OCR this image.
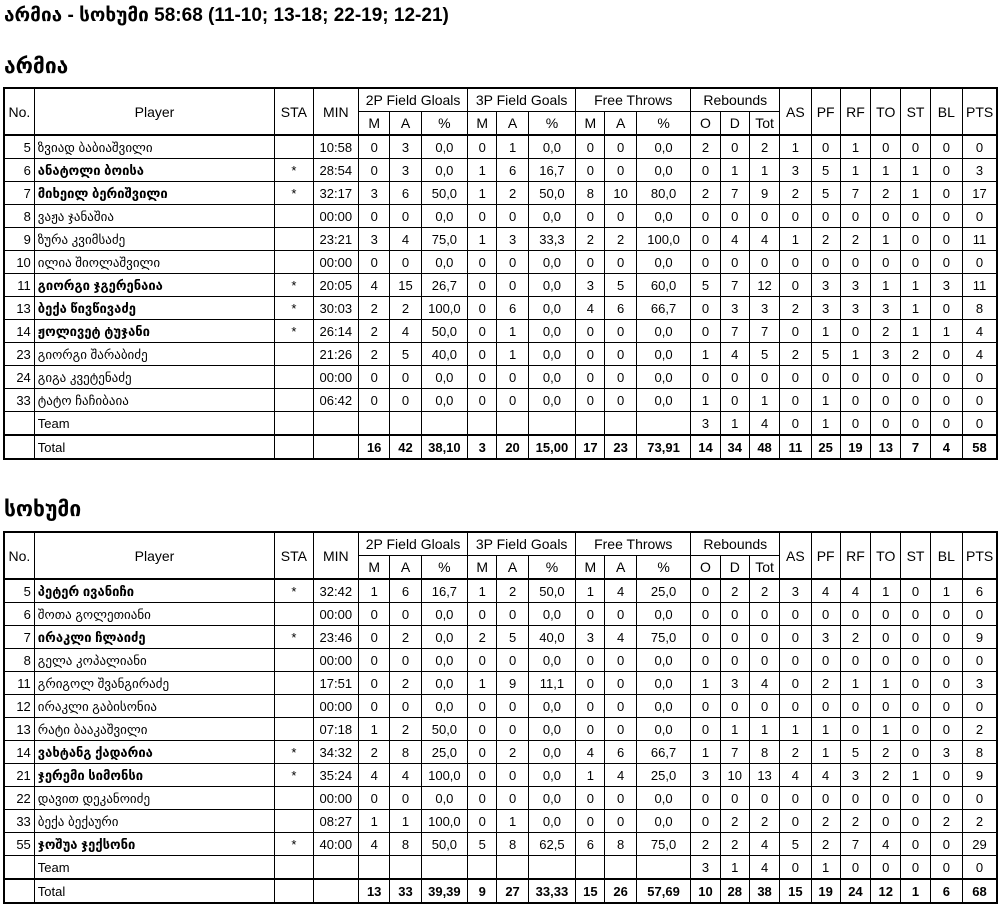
არმია - სოხუმი 58:68 (11-10; 13-18; 22-19; 12-21)
არმია
No.	Player	STA	MIN	2P Field Gloals			3P Field Goals			Free Throws			Rebounds			AS	PF	RF	TO	ST	BL	PTS
				M	A	%	M	A	%	M	A	%	O	D	Tot							
5	ზვიად ბაბიაშვილი		10:58	0	3	0,0	0	1	0,0	0	0	0,0	2	0	2	1	0	1	0	0	0	0
6	ანატოლი ბოისა	*	28:54	0	3	0,0	1	6	16,7	0	0	0,0	0	1	1	3	5	1	1	1	0	3
7	მიხეილ ბერიშვილი	*	32:17	3	6	50,0	1	2	50,0	8	10	80,0	2	7	9	2	5	7	2	1	0	17
8	ვაჟა ჯანაშია		00:00	0	0	0,0	0	0	0,0	0	0	0,0	0	0	0	0	0	0	0	0	0	0
9	ზურა კვიმსაძე		23:21	3	4	75,0	1	3	33,3	2	2	100,0	0	4	4	1	2	2	1	0	0	11
10	ილია შიოლაშვილი		00:00	0	0	0,0	0	0	0,0	0	0	0,0	0	0	0	0	0	0	0	0	0	0
11	გიორგი ჯგერენაია	*	20:05	4	15	26,7	0	0	0,0	3	5	60,0	5	7	12	0	3	3	1	1	3	11
13	ბექა წივწივაძე	*	30:03	2	2	100,0	0	6	0,0	4	6	66,7	0	3	3	2	3	3	3	1	0	8
14	ჟოლივეტ ტუჯანი	*	26:14	2	4	50,0	0	1	0,0	0	0	0,0	0	7	7	0	1	0	2	1	1	4
23	გიორგი შარაბიძე		21:26	2	5	40,0	0	1	0,0	0	0	0,0	1	4	5	2	5	1	3	2	0	4
24	გიგა კვეტენაძე		00:00	0	0	0,0	0	0	0,0	0	0	0,0	0	0	0	0	0	0	0	0	0	0
33	ტატო ჩაჩიბაია		06:42	0	0	0,0	0	0	0,0	0	0	0,0	1	0	1	0	1	0	0	0	0	0
	Team												3	1	4	0	1	0	0	0	0	0
	Total			16	42	38,10	3	20	15,00	17	23	73,91	14	34	48	11	25	19	13	7	4	58
სოხუმი
No.	Player	STA	MIN	2P Field Gloals			3P Field Goals			Free Throws			Rebounds			AS	PF	RF	TO	ST	BL	PTS
				M	A	%	M	A	%	M	A	%	O	D	Tot							
5	პეტერ ივანიჩი	*	32:42	1	6	16,7	1	2	50,0	1	4	25,0	0	2	2	3	4	4	1	0	1	6
6	შოთა გოლეთიანი		00:00	0	0	0,0	0	0	0,0	0	0	0,0	0	0	0	0	0	0	0	0	0	0
7	ირაკლი ჩლაიძე	*	23:46	0	2	0,0	2	5	40,0	3	4	75,0	0	0	0	0	3	2	0	0	0	9
8	გელა კოპალიანი		00:00	0	0	0,0	0	0	0,0	0	0	0,0	0	0	0	0	0	0	0	0	0	0
11	გრიგოლ შვანგირაძე		17:51	0	2	0,0	1	9	11,1	0	0	0,0	1	3	4	0	2	1	1	0	0	3
12	ირაკლი გაბისონია		00:00	0	0	0,0	0	0	0,0	0	0	0,0	0	0	0	0	0	0	0	0	0	0
13	რატი ბააკაშვილი		07:18	1	2	50,0	0	0	0,0	0	0	0,0	0	1	1	1	1	0	1	0	0	2
14	ვახტანგ ქადარია	*	34:32	2	8	25,0	0	2	0,0	4	6	66,7	1	7	8	2	1	5	2	0	3	8
21	ჯერემი სიმონსი	*	35:24	4	4	100,0	0	0	0,0	1	4	25,0	3	10	13	4	4	3	2	1	0	9
22	დავით დეკანოიძე		00:00	0	0	0,0	0	0	0,0	0	0	0,0	0	0	0	0	0	0	0	0	0	0
33	ბექა ბექაური		08:27	1	1	100,0	0	1	0,0	0	0	0,0	0	2	2	0	2	2	0	0	2	2
55	ჯოშუა ჯექსონი	*	40:00	4	8	50,0	5	8	62,5	6	8	75,0	2	2	4	5	2	7	4	0	0	29
	Team												3	1	4	0	1	0	0	0	0	0
	Total			13	33	39,39	9	27	33,33	15	26	57,69	10	28	38	15	19	24	12	1	6	68
